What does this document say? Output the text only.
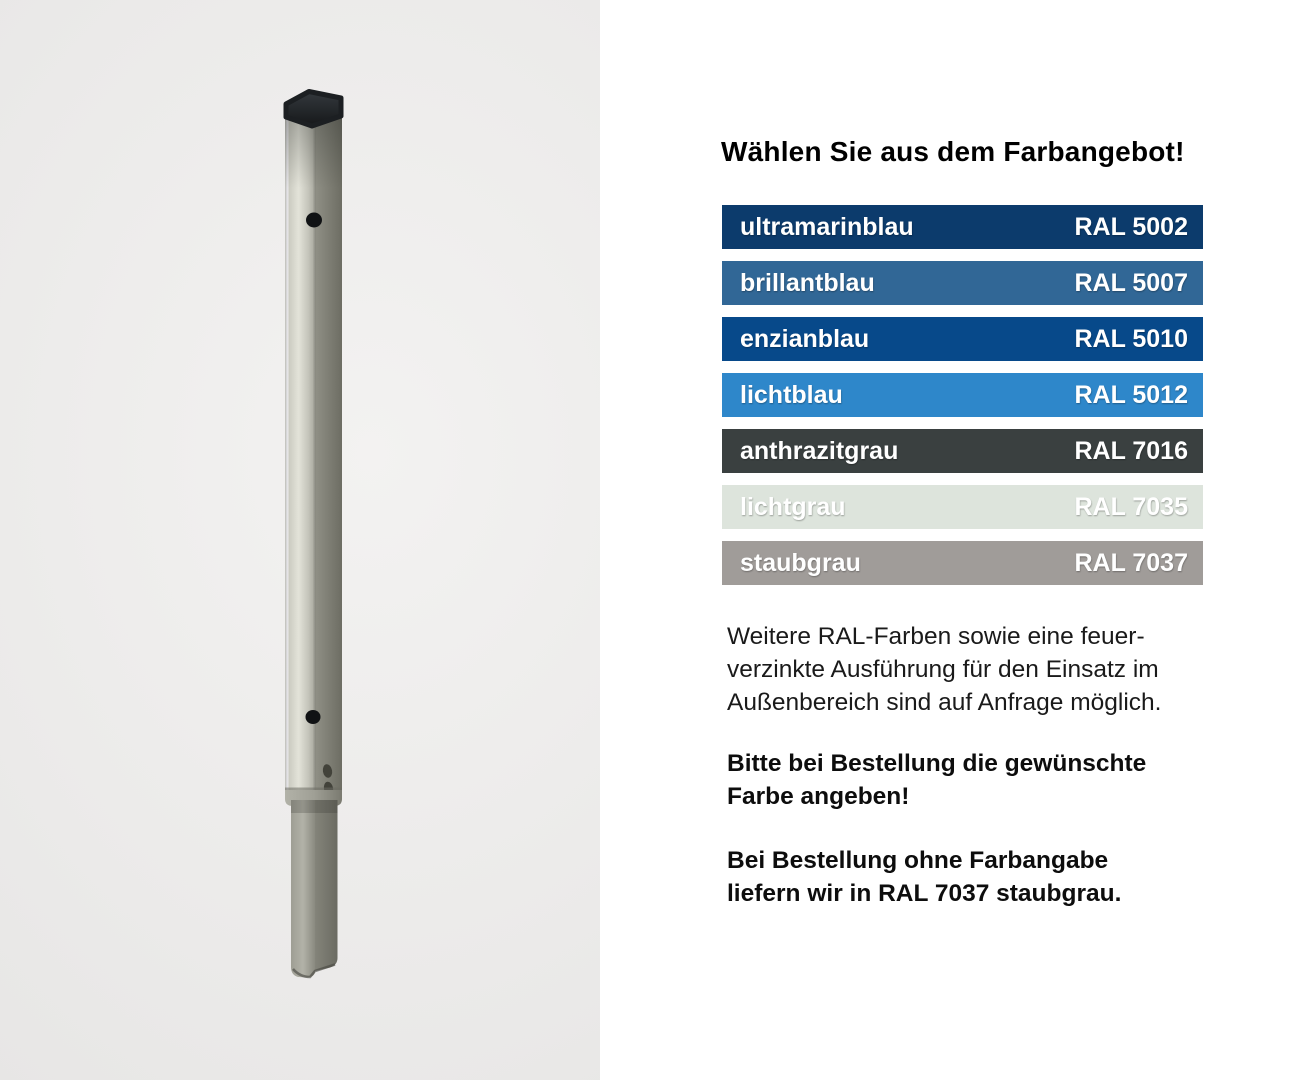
Wählen Sie aus dem Farbangebot!
ultramarinblau	RAL 5002
brillantblau	RAL 5007
enzianblau	RAL 5010
lichtblau	RAL 5012
anthrazitgrau	RAL 7016
lichtgrau	RAL 7035
staubgrau	RAL 7037
Weitere RAL-Farben sowie eine feuer-
verzinkte Ausführung für den Einsatz im
Außenbereich sind auf Anfrage möglich.
Bitte bei Bestellung die gewünschte
Farbe angeben!
Bei Bestellung ohne Farbangabe
liefern wir in RAL 7037 staubgrau.
